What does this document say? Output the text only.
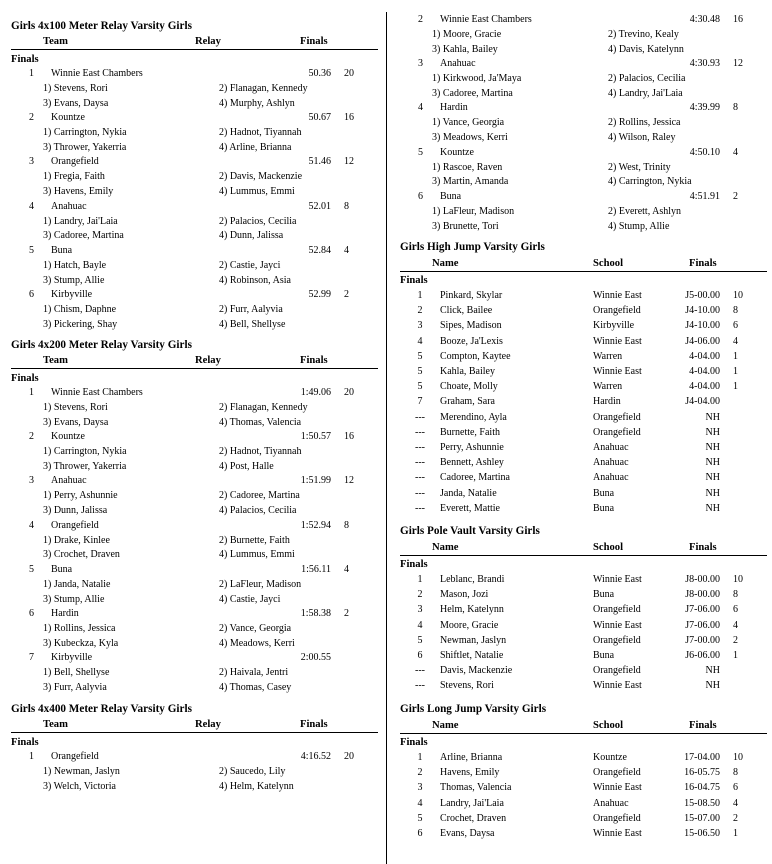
Girls 4x100 Meter Relay Varsity Girls
Team	Relay	Finals
Finals
1 Winnie East Chambers	50.36 20
1) Stevens, Rori	2) Flanagan, Kennedy
3) Evans, Daysa	4) Murphy, Ashlyn
2 Kountze	50.67 16
1) Carrington, Nykia	2) Hadnot, Tiyannah
3) Thrower, Yakerria	4) Arline, Brianna
3 Orangefield	51.46 12
1) Fregia, Faith	2) Davis, Mackenzie
3) Havens, Emily	4) Lummus, Emmi
4 Anahuac	52.01 8
1) Landry, Jai'Laia	2) Palacios, Cecilia
3) Cadoree, Martina	4) Dunn, Jalissa
5 Buna	52.84 4
1) Hatch, Bayle	2) Castie, Jayci
3) Stump, Allie	4) Robinson, Asia
6 Kirbyville	52.99 2
1) Chism, Daphne	2) Furr, Aalyvia
3) Pickering, Shay	4) Bell, Shellyse
Girls 4x200 Meter Relay Varsity Girls
Team	Relay	Finals
Finals
1 Winnie East Chambers	1:49.06 20
1) Stevens, Rori	2) Flanagan, Kennedy
3) Evans, Daysa	4) Thomas, Valencia
2 Kountze	1:50.57 16
1) Carrington, Nykia	2) Hadnot, Tiyannah
3) Thrower, Yakerria	4) Post, Halle
3 Anahuac	1:51.99 12
1) Perry, Ashunnie	2) Cadoree, Martina
3) Dunn, Jalissa	4) Palacios, Cecilia
4 Orangefield	1:52.94 8
1) Drake, Kinlee	2) Burnette, Faith
3) Crochet, Draven	4) Lummus, Emmi
5 Buna	1:56.11 4
1) Janda, Natalie	2) LaFleur, Madison
3) Stump, Allie	4) Castie, Jayci
6 Hardin	1:58.38 2
1) Rollins, Jessica	2) Vance, Georgia
3) Kubeckza, Kyla	4) Meadows, Kerri
7 Kirbyville	2:00.55
1) Bell, Shellyse	2) Haivala, Jentri
3) Furr, Aalyvia	4) Thomas, Casey
Girls 4x400 Meter Relay Varsity Girls
Team	Relay	Finals
Finals
1 Orangefield	4:16.52 20
1) Newman, Jaslyn	2) Saucedo, Lily
3) Welch, Victoria	4) Helm, Katelynn
2 Winnie East Chambers	4:30.48 16
1) Moore, Gracie	2) Trevino, Kealy
3) Kahla, Bailey	4) Davis, Katelynn
3 Anahuac	4:30.93 12
1) Kirkwood, Ja'Maya	2) Palacios, Cecilia
3) Cadoree, Martina	4) Landry, Jai'Laia
4 Hardin	4:39.99 8
1) Vance, Georgia	2) Rollins, Jessica
3) Meadows, Kerri	4) Wilson, Raley
5 Kountze	4:50.10 4
1) Rascoe, Raven	2) West, Trinity
3) Martin, Amanda	4) Carrington, Nykia
6 Buna	4:51.91 2
1) LaFleur, Madison	2) Everett, Ashlyn
3) Brunette, Tori	4) Stump, Allie
Girls High Jump Varsity Girls
Name	School	Finals
Finals
1	Pinkard, Skylar	Winnie East	J5-00.00 10
2	Click, Bailee	Orangefield	J4-10.00 8
3	Sipes, Madison	Kirbyville	J4-10.00 6
4	Booze, Ja'Lexis	Winnie East	J4-06.00 4
5	Compton, Kaytee	Warren	4-04.00 1
5	Kahla, Bailey	Winnie East	4-04.00 1
5	Choate, Molly	Warren	4-04.00 1
7	Graham, Sara	Hardin	J4-04.00
---	Merendino, Ayla	Orangefield	NH
---	Burnette, Faith	Orangefield	NH
---	Perry, Ashunnie	Anahuac	NH
---	Bennett, Ashley	Anahuac	NH
---	Cadoree, Martina	Anahuac	NH
---	Janda, Natalie	Buna	NH
---	Everett, Mattie	Buna	NH
Girls Pole Vault Varsity Girls
Name	School	Finals
Finals
1	Leblanc, Brandi	Winnie East	J8-00.00 10
2	Mason, Jozi	Buna	J8-00.00 8
3	Helm, Katelynn	Orangefield	J7-06.00 6
4	Moore, Gracie	Winnie East	J7-06.00 4
5	Newman, Jaslyn	Orangefield	J7-00.00 2
6	Shiftlet, Natalie	Buna	J6-06.00 1
---	Davis, Mackenzie	Orangefield	NH
---	Stevens, Rori	Winnie East	NH
Girls Long Jump Varsity Girls
Name	School	Finals
Finals
1	Arline, Brianna	Kountze	17-04.00 10
2	Havens, Emily	Orangefield	16-05.75 8
3	Thomas, Valencia	Winnie East	16-04.75 6
4	Landry, Jai'Laia	Anahuac	15-08.50 4
5	Crochet, Draven	Orangefield	15-07.00 2
6	Evans, Daysa	Winnie East	15-06.50 1
